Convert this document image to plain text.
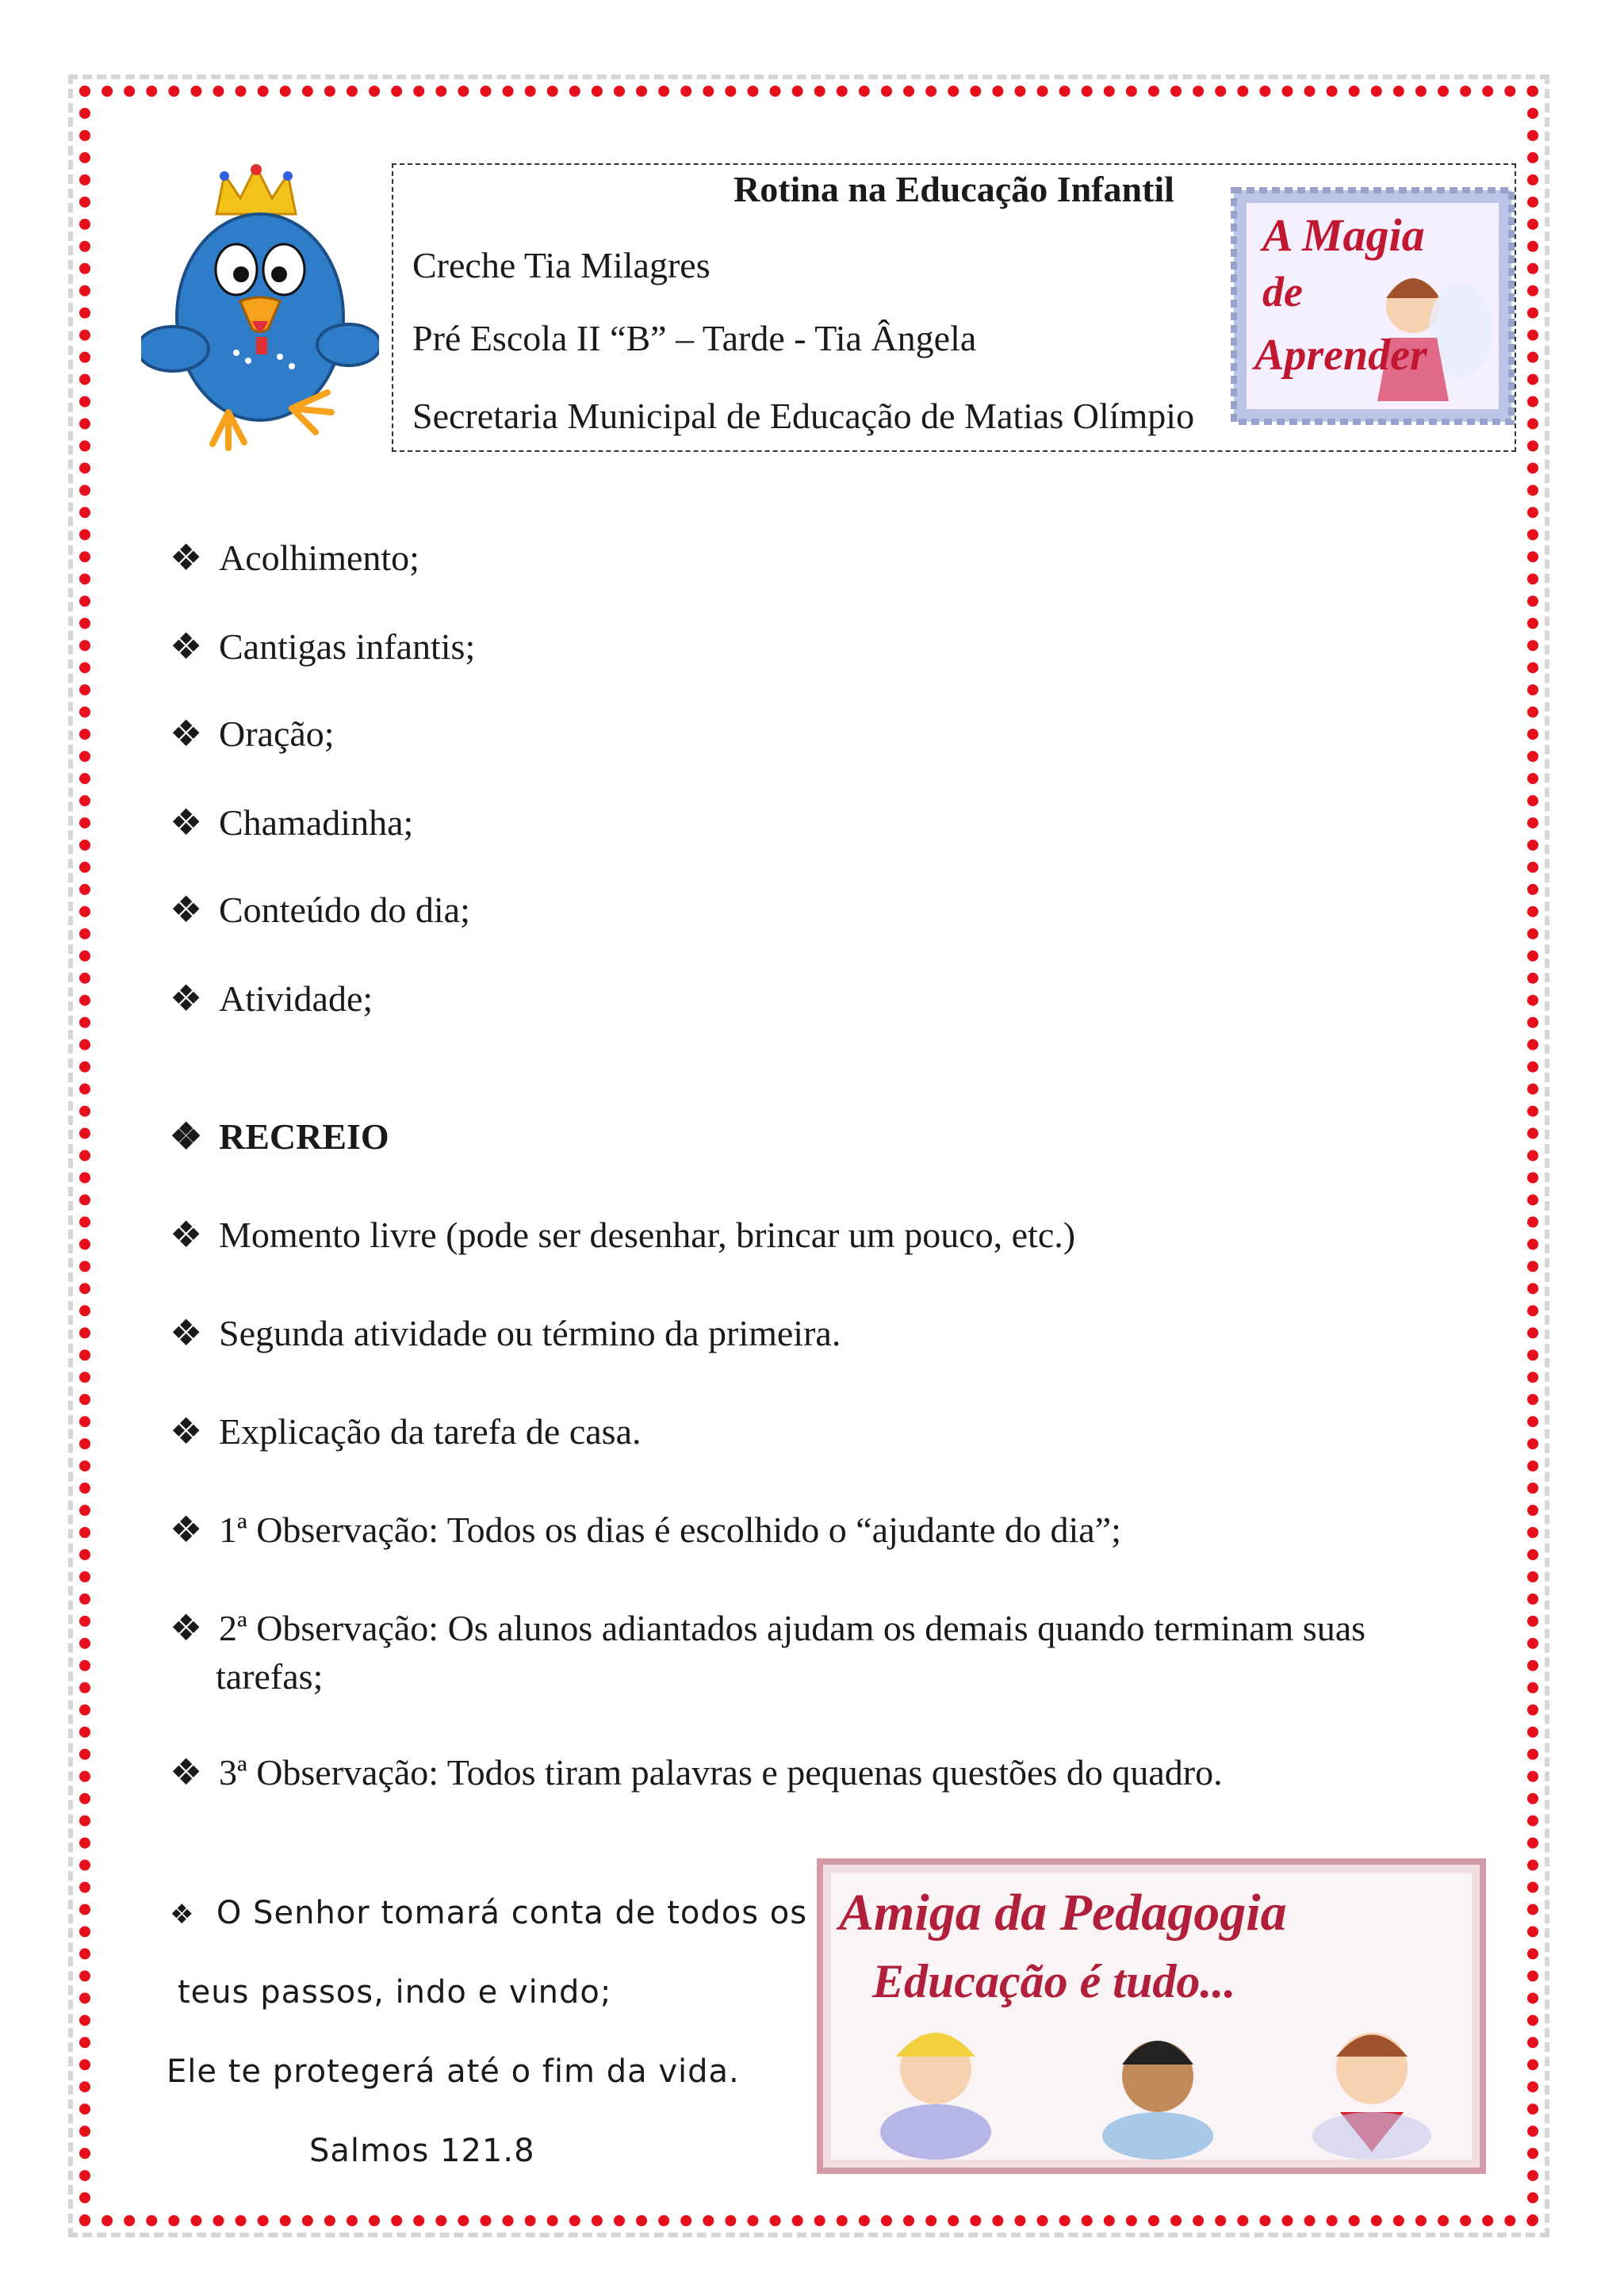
Rotina na Educação Infantil
Creche Tia Milagres
Pré Escola II “B” – Tarde - Tia Ângela
Secretaria Municipal de Educação de Matias Olímpio
A Magia
de
Aprender
❖ Acolhimento;
❖ Cantigas infantis;
❖ Oração;
❖ Chamadinha;
❖ Conteúdo do dia;
❖ Atividade;
❖ RECREIO
❖ Momento livre (pode ser desenhar, brincar um pouco, etc.)
❖ Segunda atividade ou término da primeira.
❖ Explicação da tarefa de casa.
❖ 1ª Observação: Todos os dias é escolhido o “ajudante do dia”;
❖ 2ª Observação: Os alunos adiantados ajudam os demais quando terminam suas
tarefas;
❖ 3ª Observação: Todos tiram palavras e pequenas questões do quadro.
❖ O Senhor tomará conta de todos os
teus passos, indo e vindo;
Ele te protegerá até o fim da vida.
Salmos 121.8
Amiga da Pedagogia
Educação é tudo...
